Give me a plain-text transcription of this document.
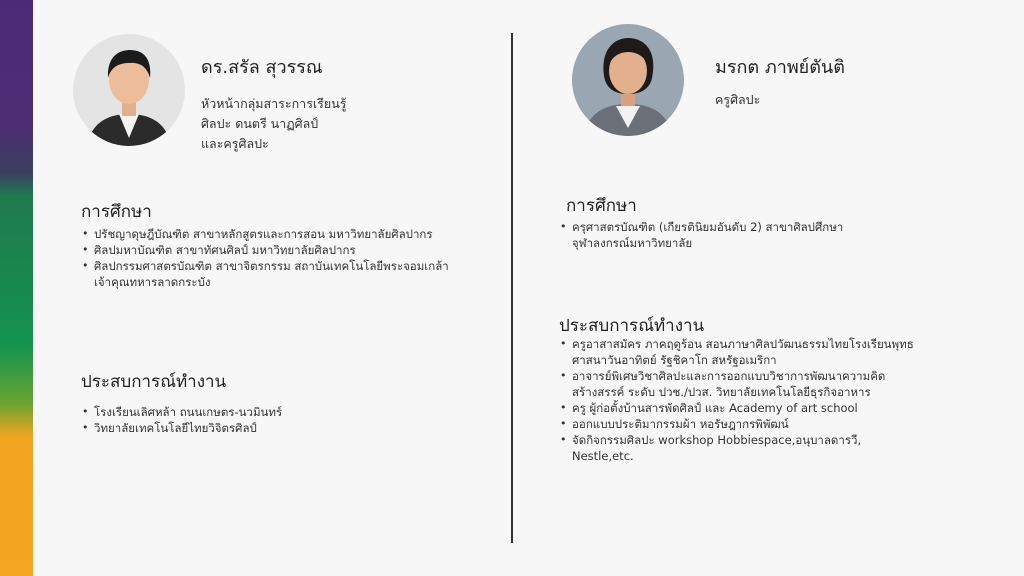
ดร.สรัล สุวรรณ
หัวหน้ากลุ่มสาระการเรียนรู้
ศิลปะ ดนตรี นาฏศิลป์
และครูศิลปะ
การศึกษา
• ปรัชญาดุษฎีบัณฑิต สาขาหลักสูตรและการสอน มหาวิทยาลัยศิลปากร
• ศิลปมหาบัณฑิต สาขาทัศนศิลป์ มหาวิทยาลัยศิลปากร
• ศิลปกรรมศาสตรบัณฑิต สาขาจิตรกรรม สถาบันเทคโนโลยีพระจอมเกล้า
เจ้าคุณทหารลาดกระบัง
ประสบการณ์ทำงาน
• โรงเรียนเลิศหล้า ถนนเกษตร-นวมินทร์
• วิทยาลัยเทคโนโลยีไทยวิจิตรศิลป์
มรกต ภาพย์ตันติ
ครูศิลปะ
การศึกษา
• ครุศาสตรบัณฑิต (เกียรตินิยมอันดับ 2) สาขาศิลปศึกษา
จุฬาลงกรณ์มหาวิทยาลัย
ประสบการณ์ทำงาน
• ครูอาสาสมัคร ภาคฤดูร้อน สอนภาษาศิลปวัฒนธรรมไทยโรงเรียนพุทธ
ศาสนาวันอาทิตย์ รัฐชิคาโก สหรัฐอเมริกา
• อาจารย์พิเศษวิชาศิลปะและการออกแบบวิชาการพัฒนาความคิด
สร้างสรรค์ ระดับ ปวช./ปวส. วิทยาลัยเทคโนโลยีธุรกิจอาหาร
• ครู ผู้ก่อตั้งบ้านสารพัดศิลป์ และ Academy of art school
• ออกแบบประติมากรรมผ้า หอรัษฎากรพิพัฒน์
• จัดกิจกรรมศิลปะ workshop Hobbiespace,อนุบาลดารวี,
Nestle,etc.
